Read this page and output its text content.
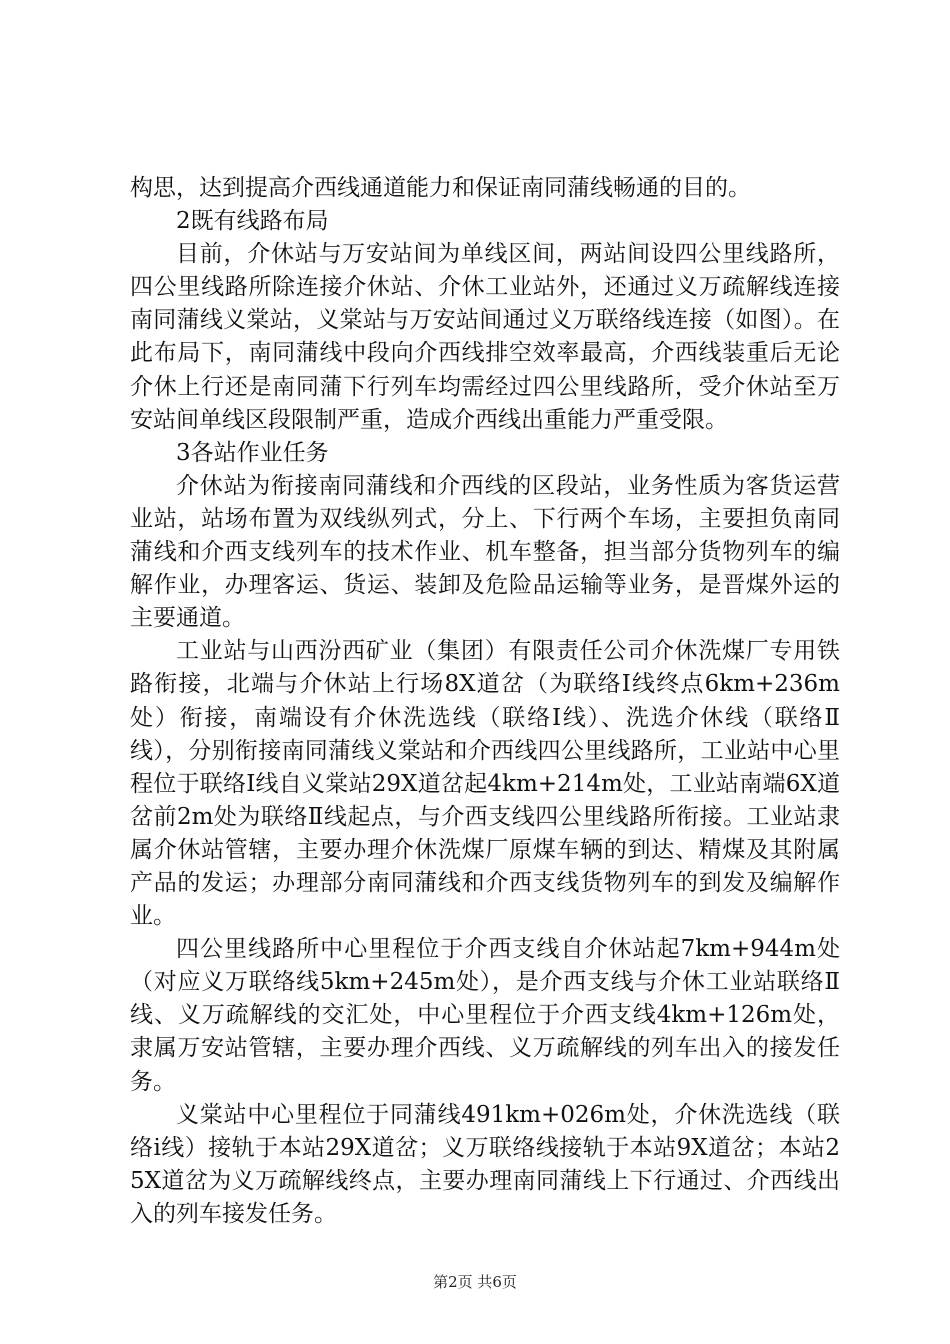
构思，达到提高介西线通道能力和保证南同蒲线畅通的目的。

2既有线路布局

目前，介休站与万安站间为单线区间，两站间设四公里线路所，四公里线路所除连接介休站、介休工业站外，还通过义万疏解线连接南同蒲线义棠站，义棠站与万安站间通过义万联络线连接（如图）。在此布局下，南同蒲线中段向介西线排空效率最高，介西线装重后无论介休上行还是南同蒲下行列车均需经过四公里线路所，受介休站至万安站间单线区段限制严重，造成介西线出重能力严重受限。

3各站作业任务

介休站为衔接南同蒲线和介西线的区段站，业务性质为客货运营业站，站场布置为双线纵列式，分上、下行两个车场，主要担负南同蒲线和介西支线列车的技术作业、机车整备，担当部分货物列车的编解作业，办理客运、货运、装卸及危险品运输等业务，是晋煤外运的主要通道。

工业站与山西汾西矿业（集团）有限责任公司介休洗煤厂专用铁路衔接，北端与介休站上行场8X道岔（为联络Ⅰ线终点6km+236m处）衔接，南端设有介休洗选线（联络Ⅰ线）、洗选介休线（联络Ⅱ线），分别衔接南同蒲线义棠站和介西线四公里线路所，工业站中心里程位于联络Ⅰ线自义棠站29X道岔起4km+214m处，工业站南端6X道岔前2m处为联络Ⅱ线起点，与介西支线四公里线路所衔接。工业站隶属介休站管辖，主要办理介休洗煤厂原煤车辆的到达、精煤及其附属产品的发运；办理部分南同蒲线和介西支线货物列车的到发及编解作业。

四公里线路所中心里程位于介西支线自介休站起7km+944m处（对应义万联络线5km+245m处），是介西支线与介休工业站联络Ⅱ线、义万疏解线的交汇处，中心里程位于介西支线4km+126m处，隶属万安站管辖，主要办理介西线、义万疏解线的列车出入的接发任务。

义棠站中心里程位于同蒲线491km+026m处，介休洗选线（联络ⅰ线）接轨于本站29X道岔；义万联络线接轨于本站9X道岔；本站25X道岔为义万疏解线终点，主要办理南同蒲线上下行通过、介西线出入的列车接发任务。

第2页 共6页
